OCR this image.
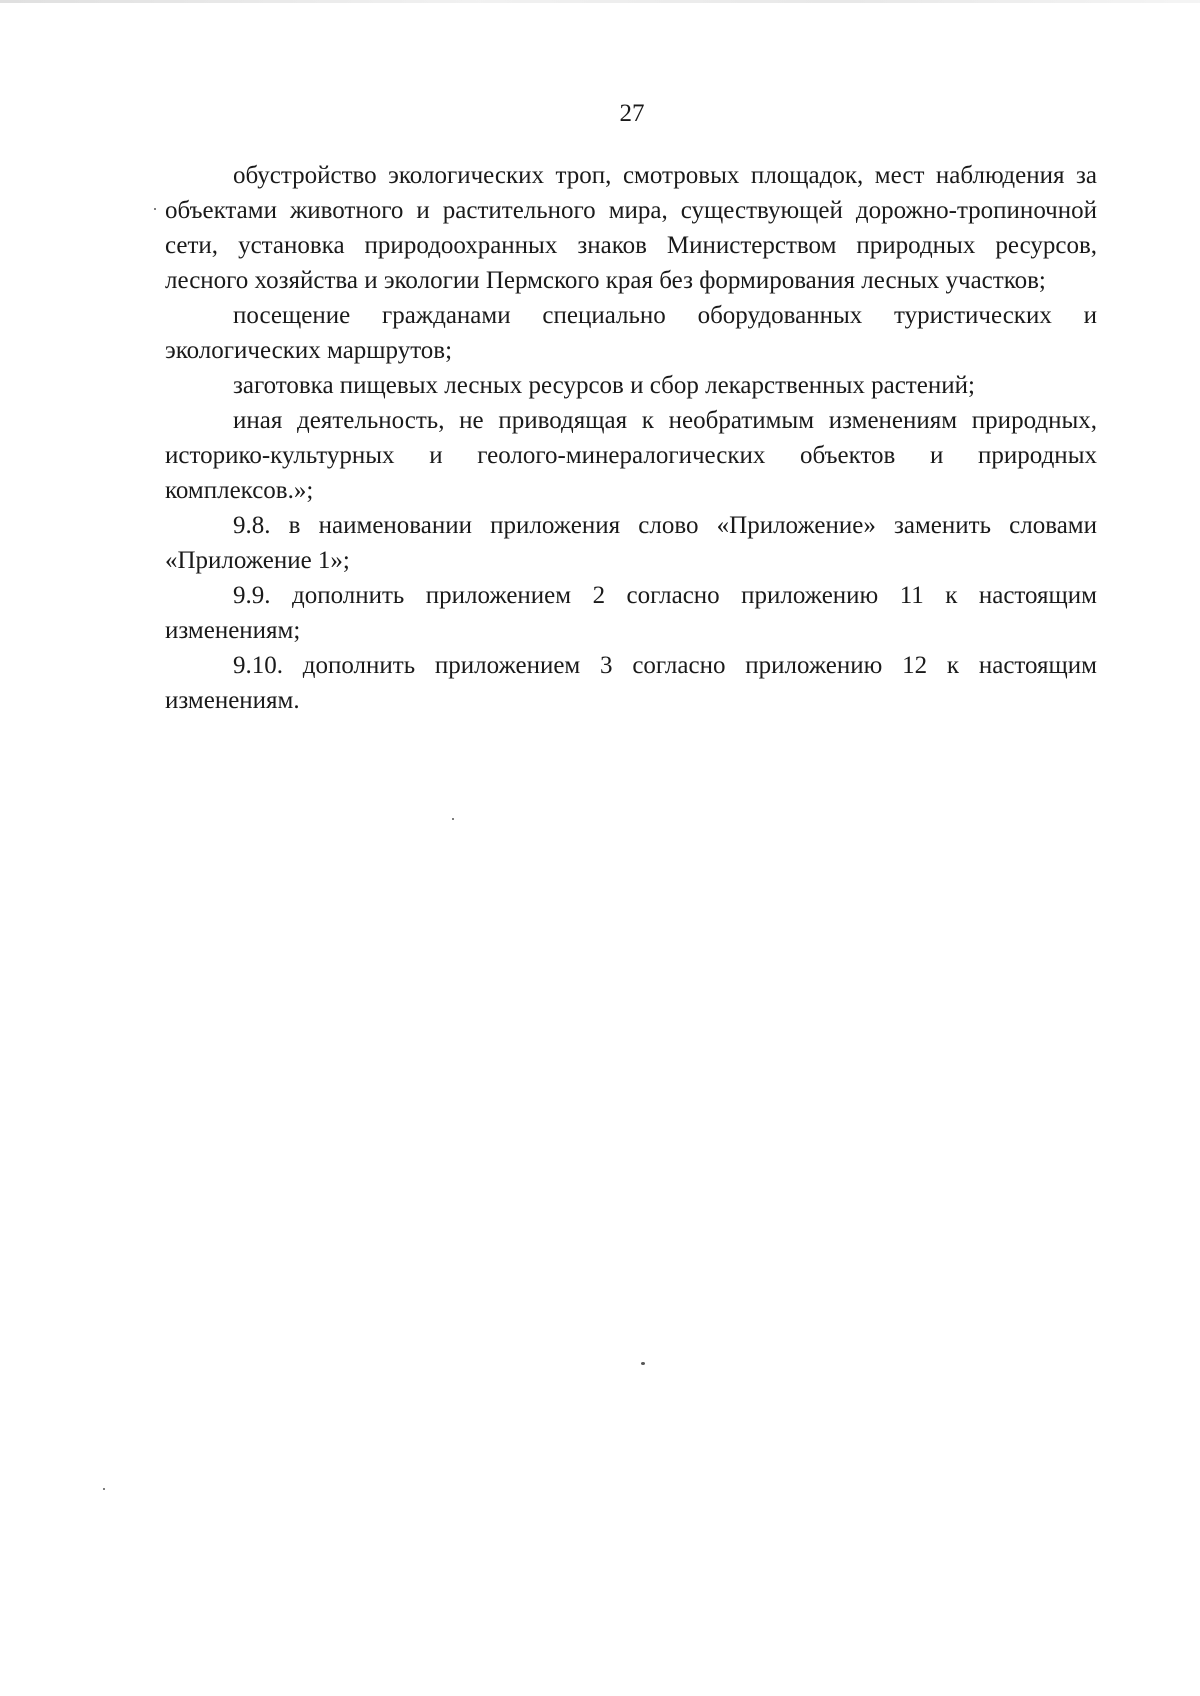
27

обустройство экологических троп, смотровых площадок, мест наблюдения за объектами животного и растительного мира, существующей дорожно-тропиночной сети, установка природоохранных знаков Министерством природных ресурсов, лесного хозяйства и экологии Пермского края без формирования лесных участков;

посещение гражданами специально оборудованных туристических и экологических маршрутов;

заготовка пищевых лесных ресурсов и сбор лекарственных растений;

иная деятельность, не приводящая к необратимым изменениям природных, историко-культурных и геолого-минералогических объектов и природных комплексов.»;

9.8. в наименовании приложения слово «Приложение» заменить словами «Приложение 1»;

9.9. дополнить приложением 2 согласно приложению 11 к настоящим изменениям;

9.10. дополнить приложением 3 согласно приложению 12 к настоящим изменениям.
